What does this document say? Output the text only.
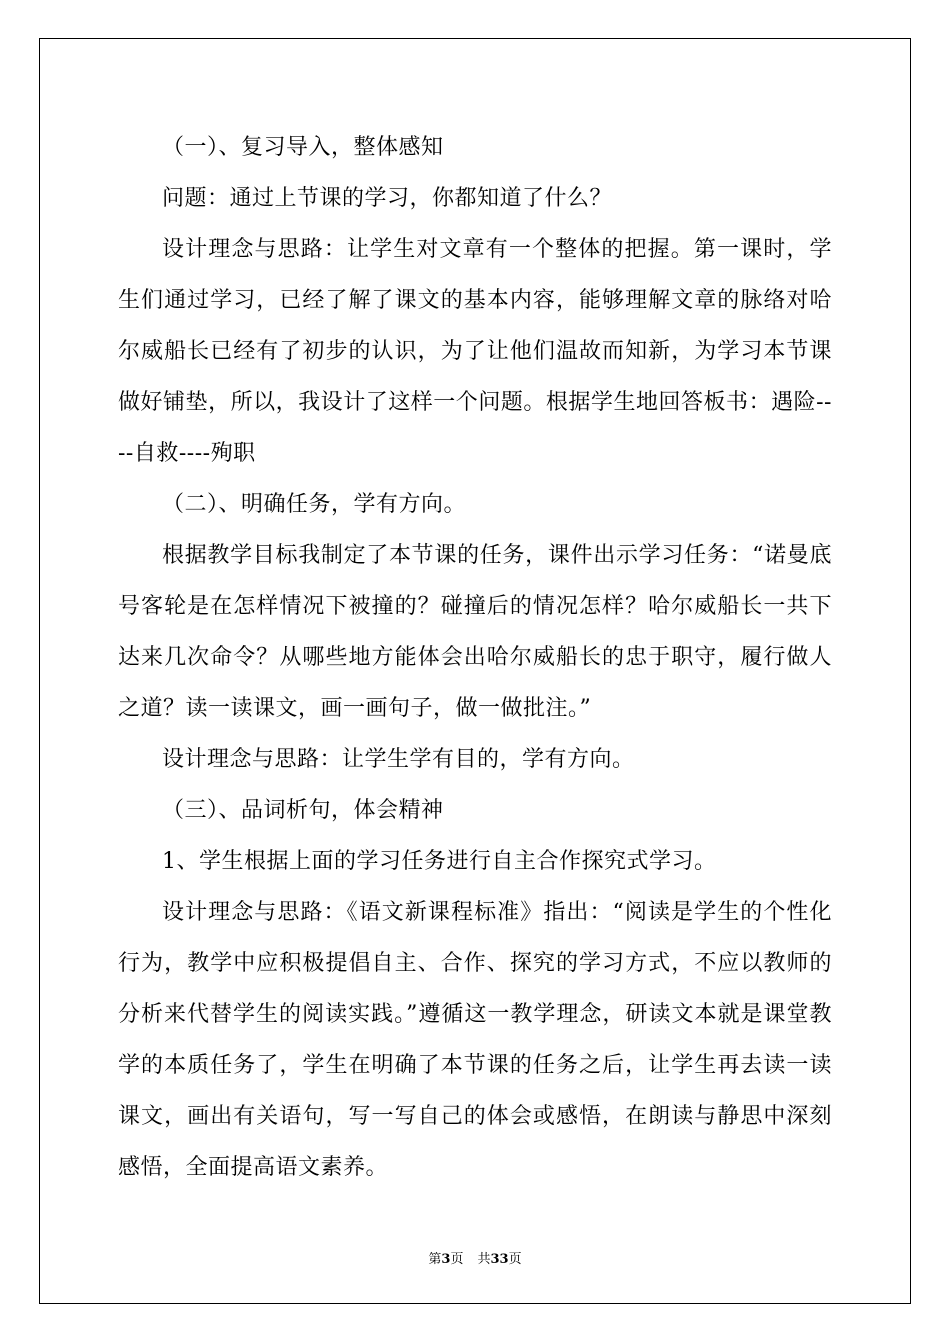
（一）、复习导入，整体感知

问题：通过上节课的学习，你都知道了什么？

设计理念与思路：让学生对文章有一个整体的把握。第一课时，学生们通过学习，已经了解了课文的基本内容，能够理解文章的脉络对哈尔威船长已经有了初步的认识，为了让他们温故而知新，为学习本节课做好铺垫，所以，我设计了这样一个问题。根据学生地回答板书：遇险----自救----殉职

（二）、明确任务，学有方向。

根据教学目标我制定了本节课的任务，课件出示学习任务：“诺曼底号客轮是在怎样情况下被撞的？碰撞后的情况怎样？哈尔威船长一共下达来几次命令？从哪些地方能体会出哈尔威船长的忠于职守，履行做人之道？读一读课文，画一画句子，做一做批注。”

设计理念与思路：让学生学有目的，学有方向。

（三）、品词析句，体会精神

1、学生根据上面的学习任务进行自主合作探究式学习。

设计理念与思路：《语文新课程标准》指出：“阅读是学生的个性化行为，教学中应积极提倡自主、合作、探究的学习方式，不应以教师的分析来代替学生的阅读实践。”遵循这一教学理念，研读文本就是课堂教学的本质任务了，学生在明确了本节课的任务之后，让学生再去读一读课文，画出有关语句，写一写自己的体会或感悟，在朗读与静思中深刻感悟，全面提高语文素养。

第3页 共33页
